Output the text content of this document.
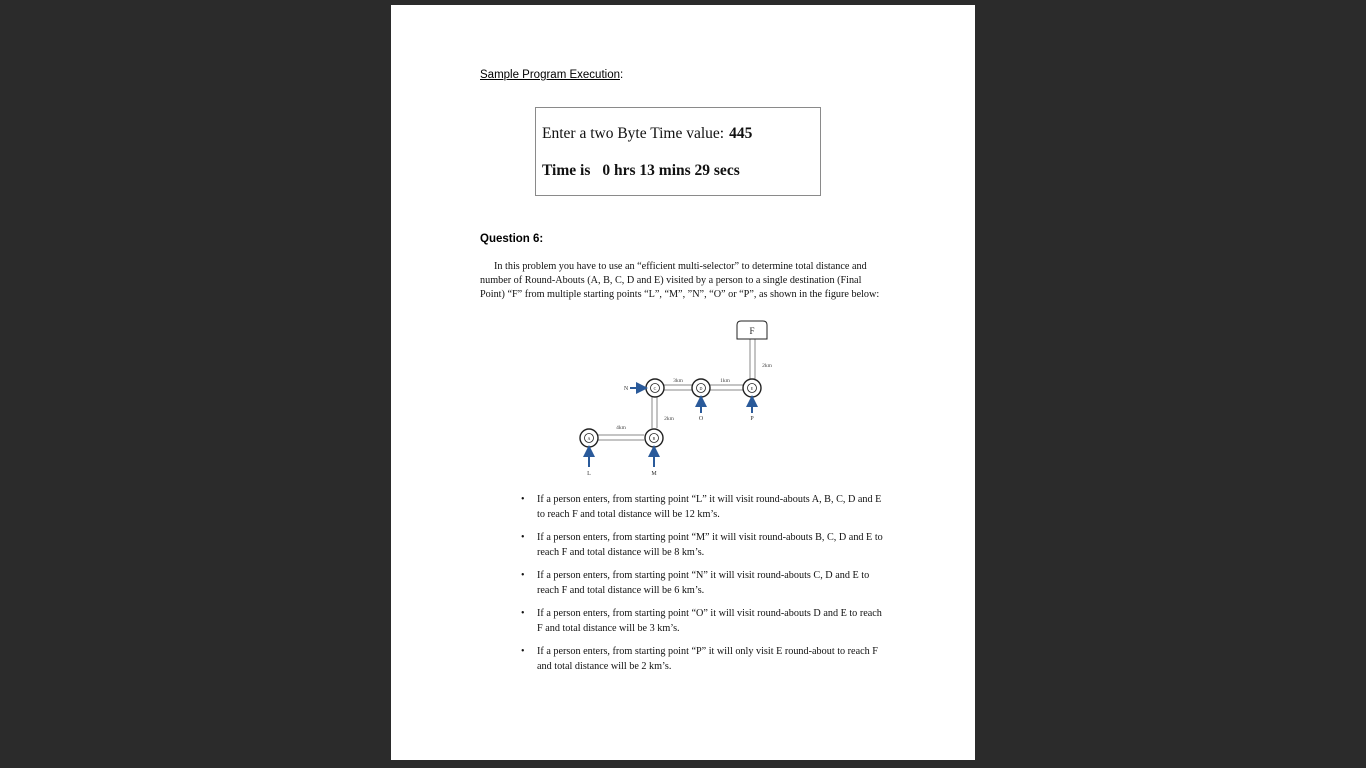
Sample Program Execution:
Enter a two Byte Time value: 445
Time is 0 hrs 13 mins 29 secs
Question 6:
In this problem you have to use an “efficient multi-selector” to determine total distance and number of Round-Abouts (A, B, C, D and E) visited by a person to a single destination (Final Point) “F” from multiple starting points “L”, “M”, ”N”, “O” or “P”, as shown in the figure below:
F
A	B
C	D	E
L	M
N
O	P
4km
2km
3km	1km
2km
• If a person enters, from starting point “L” it will visit round-abouts A, B, C, D and E to reach F and total distance will be 12 km’s.
• If a person enters, from starting point “M” it will visit round-abouts B, C, D and E to reach F and total distance will be 8 km’s.
• If a person enters, from starting point “N” it will visit round-abouts C, D and E to reach F and total distance will be 6 km’s.
• If a person enters, from starting point “O” it will visit round-abouts D and E to reach F and total distance will be 3 km’s.
• If a person enters, from starting point “P” it will only visit E round-about to reach F and total distance will be 2 km’s.
